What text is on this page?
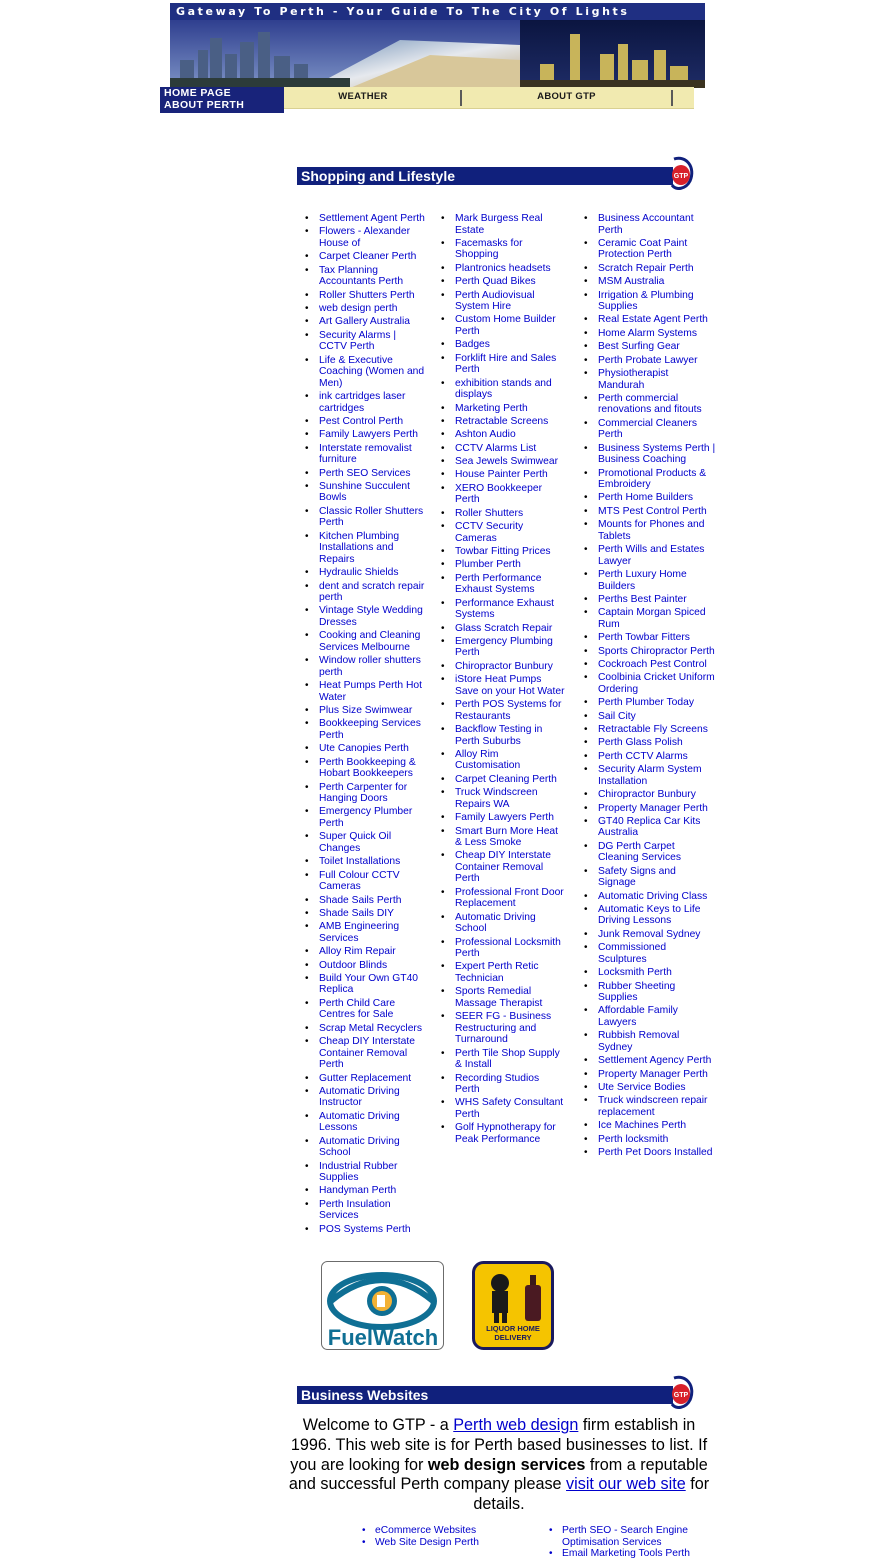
Gateway To Perth - Your Guide To The City Of Lights
HOME PAGE
ABOUT PERTH
WEATHER	ABOUT GTP
Shopping and Lifestyle	GTP
• Settlement Agent Perth
• Flowers - Alexander House of
• Carpet Cleaner Perth
• Tax Planning Accountants Perth
• Roller Shutters Perth
• web design perth
• Art Gallery Australia
• Security Alarms | CCTV Perth
• Life & Executive Coaching (Women and Men)
• ink cartridges laser cartridges
• Pest Control Perth
• Family Lawyers Perth
• Interstate removalist furniture
• Perth SEO Services
• Sunshine Succulent Bowls
• Classic Roller Shutters Perth
• Kitchen Plumbing Installations and Repairs
• Hydraulic Shields
• dent and scratch repair perth
• Vintage Style Wedding Dresses
• Cooking and Cleaning Services Melbourne
• Window roller shutters perth
• Heat Pumps Perth Hot Water
• Plus Size Swimwear
• Bookkeeping Services Perth
• Ute Canopies Perth
• Perth Bookkeeping & Hobart Bookkeepers
• Perth Carpenter for Hanging Doors
• Emergency Plumber Perth
• Super Quick Oil Changes
• Toilet Installations
• Full Colour CCTV Cameras
• Shade Sails Perth
• Shade Sails DIY
• AMB Engineering Services
• Alloy Rim Repair
• Outdoor Blinds
• Build Your Own GT40 Replica
• Perth Child Care Centres for Sale
• Scrap Metal Recyclers
• Cheap DIY Interstate Container Removal Perth
• Gutter Replacement
• Automatic Driving Instructor
• Automatic Driving Lessons
• Automatic Driving School
• Industrial Rubber Supplies
• Handyman Perth
• Perth Insulation Services
• POS Systems Perth
• Mark Burgess Real Estate
• Facemasks for Shopping
• Plantronics headsets
• Perth Quad Bikes
• Perth Audiovisual System Hire
• Custom Home Builder Perth
• Badges
• Forklift Hire and Sales Perth
• exhibition stands and displays
• Marketing Perth
• Retractable Screens
• Ashton Audio
• CCTV Alarms List
• Sea Jewels Swimwear
• House Painter Perth
• XERO Bookkeeper Perth
• Roller Shutters
• CCTV Security Cameras
• Towbar Fitting Prices
• Plumber Perth
• Perth Performance Exhaust Systems
• Performance Exhaust Systems
• Glass Scratch Repair
• Emergency Plumbing Perth
• Chiropractor Bunbury
• iStore Heat Pumps Save on your Hot Water
• Perth POS Systems for Restaurants
• Backflow Testing in Perth Suburbs
• Alloy Rim Customisation
• Carpet Cleaning Perth
• Truck Windscreen Repairs WA
• Family Lawyers Perth
• Smart Burn More Heat & Less Smoke
• Cheap DIY Interstate Container Removal Perth
• Professional Front Door Replacement
• Automatic Driving School
• Professional Locksmith Perth
• Expert Perth Retic Technician
• Sports Remedial Massage Therapist
• SEER FG - Business Restructuring and Turnaround
• Perth Tile Shop Supply & Install
• Recording Studios Perth
• WHS Safety Consultant Perth
• Golf Hypnotherapy for Peak Performance
• Business Accountant Perth
• Ceramic Coat Paint Protection Perth
• Scratch Repair Perth
• MSM Australia
• Irrigation & Plumbing Supplies
• Real Estate Agent Perth
• Home Alarm Systems
• Best Surfing Gear
• Perth Probate Lawyer
• Physiotherapist Mandurah
• Perth commercial renovations and fitouts
• Commercial Cleaners Perth
• Business Systems Perth | Business Coaching
• Promotional Products & Embroidery
• Perth Home Builders
• MTS Pest Control Perth
• Mounts for Phones and Tablets
• Perth Wills and Estates Lawyer
• Perth Luxury Home Builders
• Perths Best Painter
• Captain Morgan Spiced Rum
• Perth Towbar Fitters
• Sports Chiropractor Perth
• Cockroach Pest Control
• Coolbinia Cricket Uniform Ordering
• Perth Plumber Today
• Sail City
• Retractable Fly Screens
• Perth Glass Polish
• Perth CCTV Alarms
• Security Alarm System Installation
• Chiropractor Bunbury
• Property Manager Perth
• GT40 Replica Car Kits Australia
• DG Perth Carpet Cleaning Services
• Safety Signs and Signage
• Automatic Driving Class
• Automatic Keys to Life Driving Lessons
• Junk Removal Sydney
• Commissioned Sculptures
• Locksmith Perth
• Rubber Sheeting Supplies
• Affordable Family Lawyers
• Rubbish Removal Sydney
• Settlement Agency Perth
• Property Manager Perth
• Ute Service Bodies
• Truck windscreen repair replacement
• Ice Machines Perth
• Perth locksmith
• Perth Pet Doors Installed
FuelWatch	LIQUOR HOME
DELIVERY
Business Websites	GTP
Welcome to GTP - a Perth web design firm establish in 1996. This web site is for Perth based businesses to list. If you are looking for web design services from a reputable and successful Perth company please visit our web site for details.
• eCommerce Websites
• Web Site Design Perth
• Perth SEO - Search Engine Optimisation Services
• Email Marketing Tools Perth
